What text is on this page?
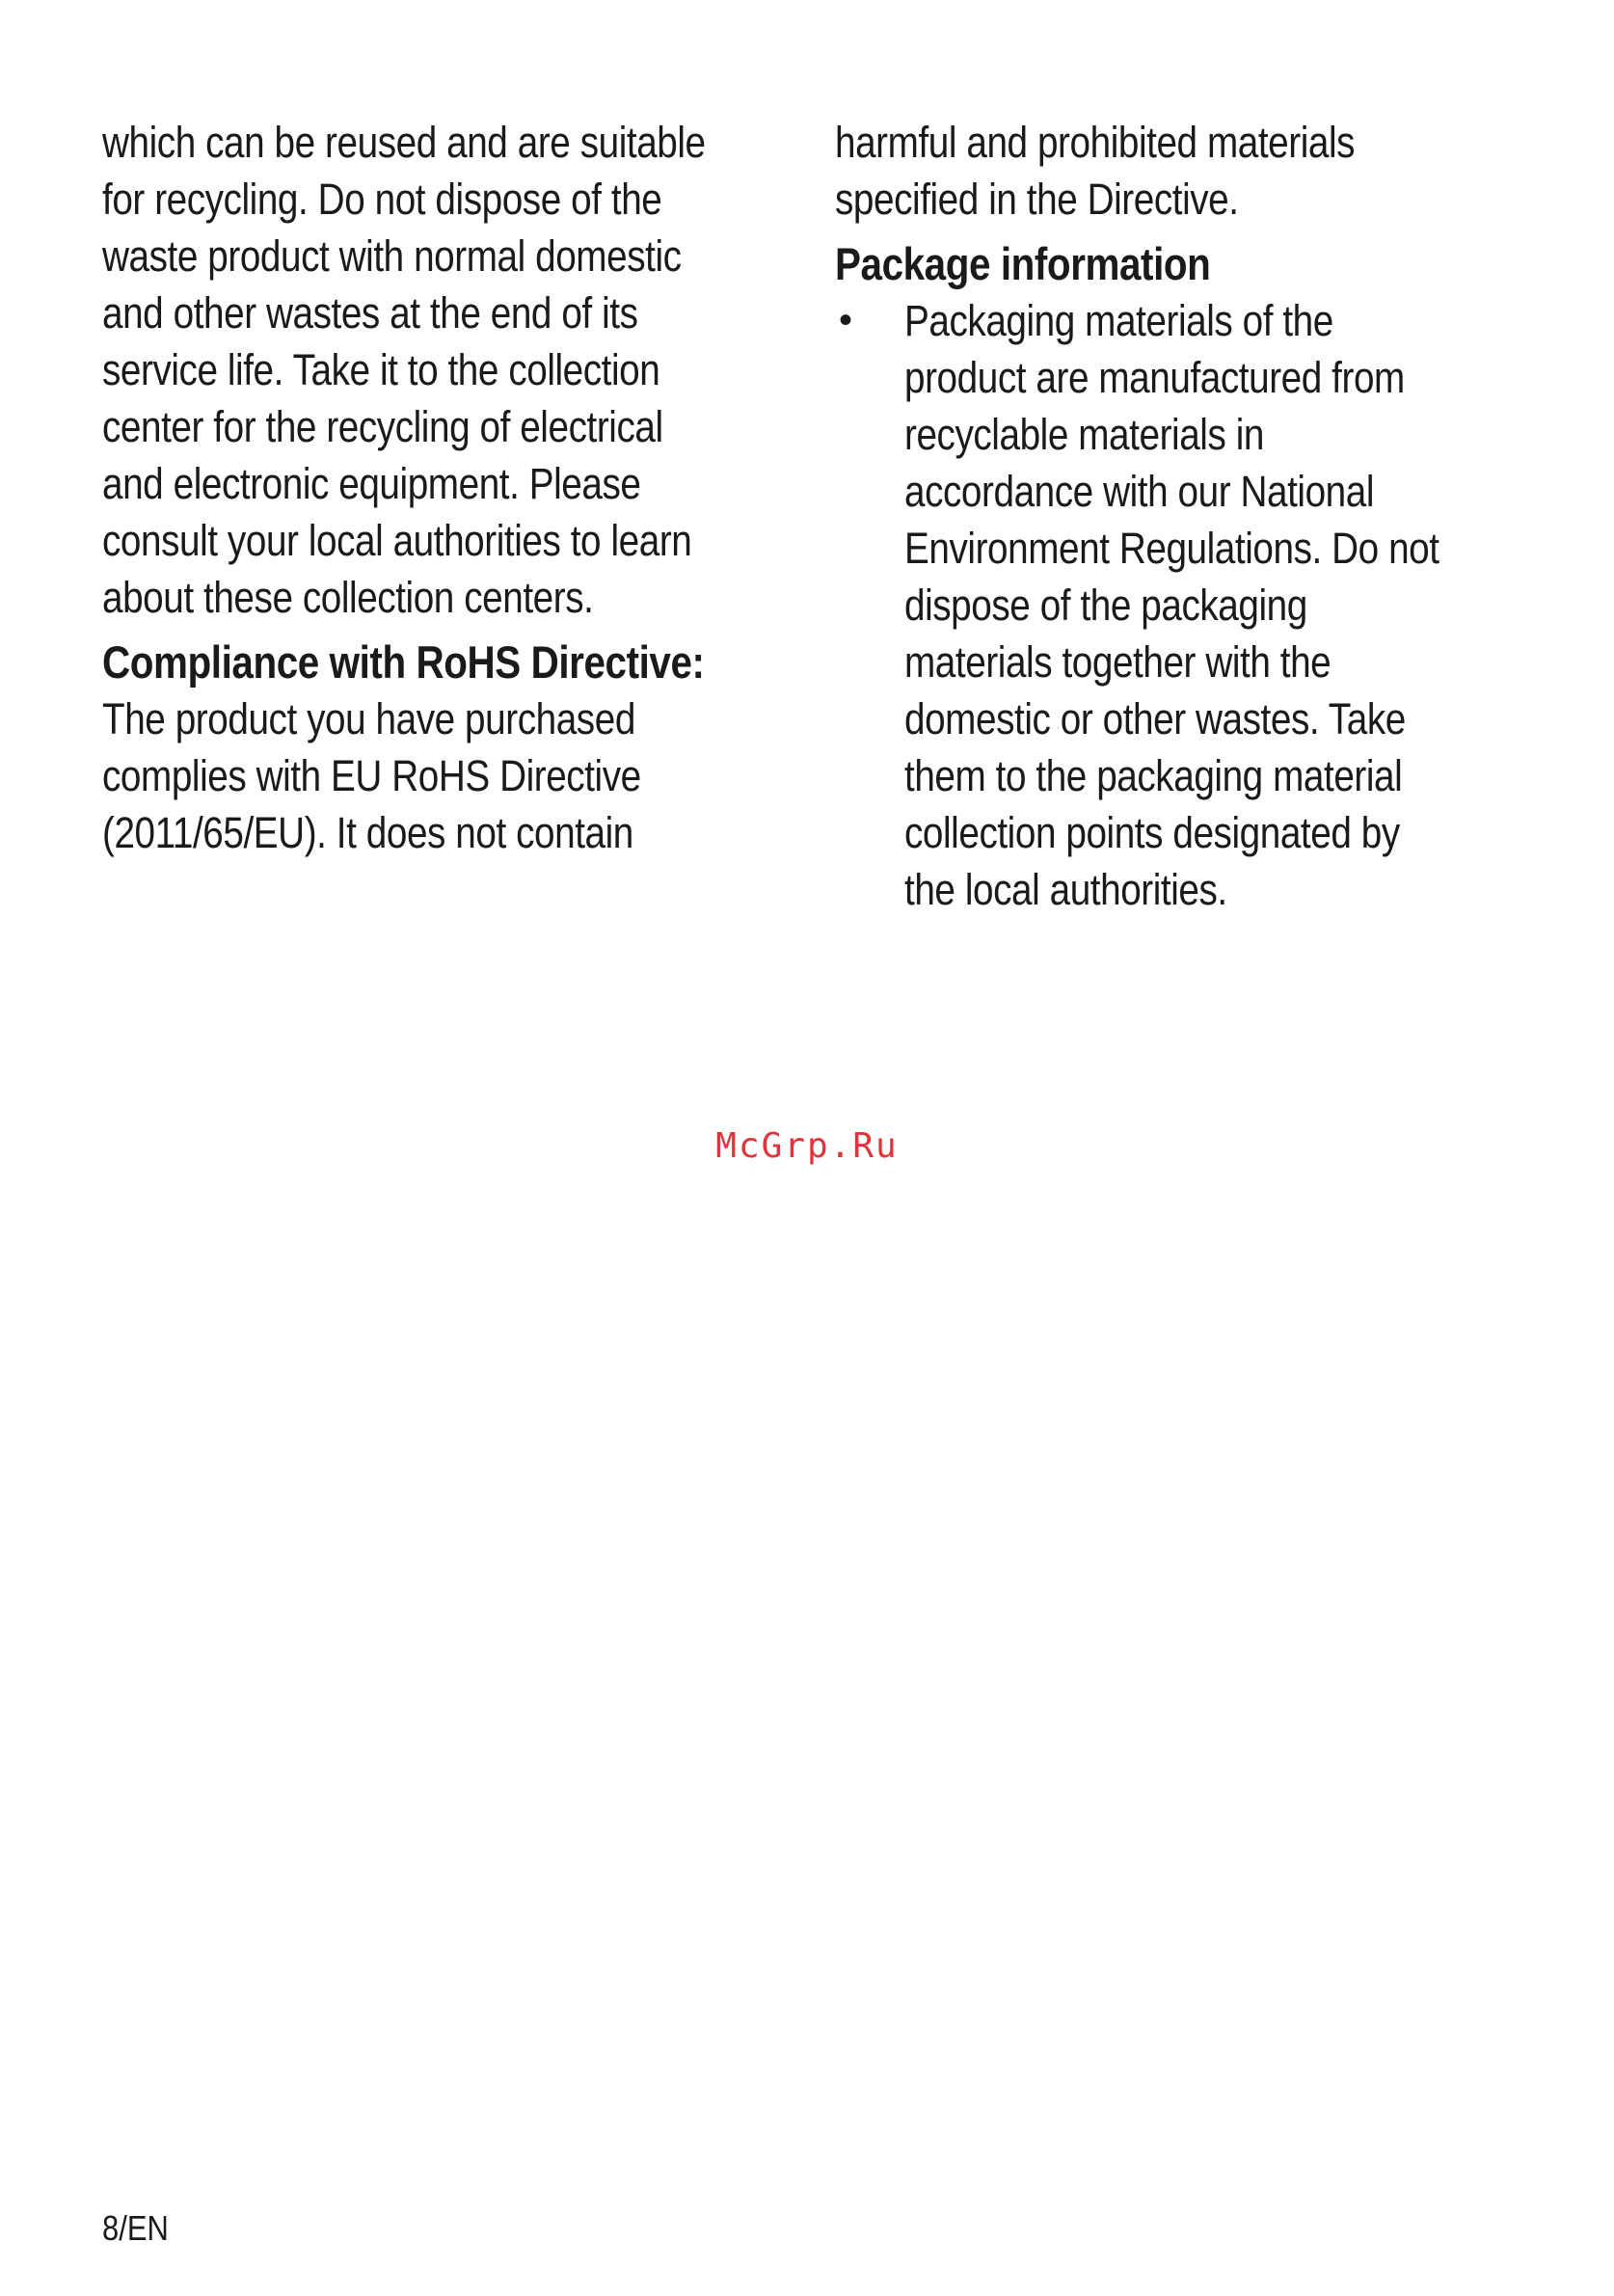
which can be reused and are suitable
for recycling. Do not dispose of the
waste product with normal domestic
and other wastes at the end of its
service life. Take it to the collection
center for the recycling of electrical
and electronic equipment. Please
consult your local authorities to learn
about these collection centers.
Compliance with RoHS Directive:
The product you have purchased
complies with EU RoHS Directive
(2011/65/EU). It does not contain
harmful and prohibited materials
specified in the Directive.
Package information
• Packaging materials of the
product are manufactured from
recyclable materials in
accordance with our National
Environment Regulations. Do not
dispose of the packaging
materials together with the
domestic or other wastes. Take
them to the packaging material
collection points designated by
the local authorities.
McGrp.Ru
8/EN
